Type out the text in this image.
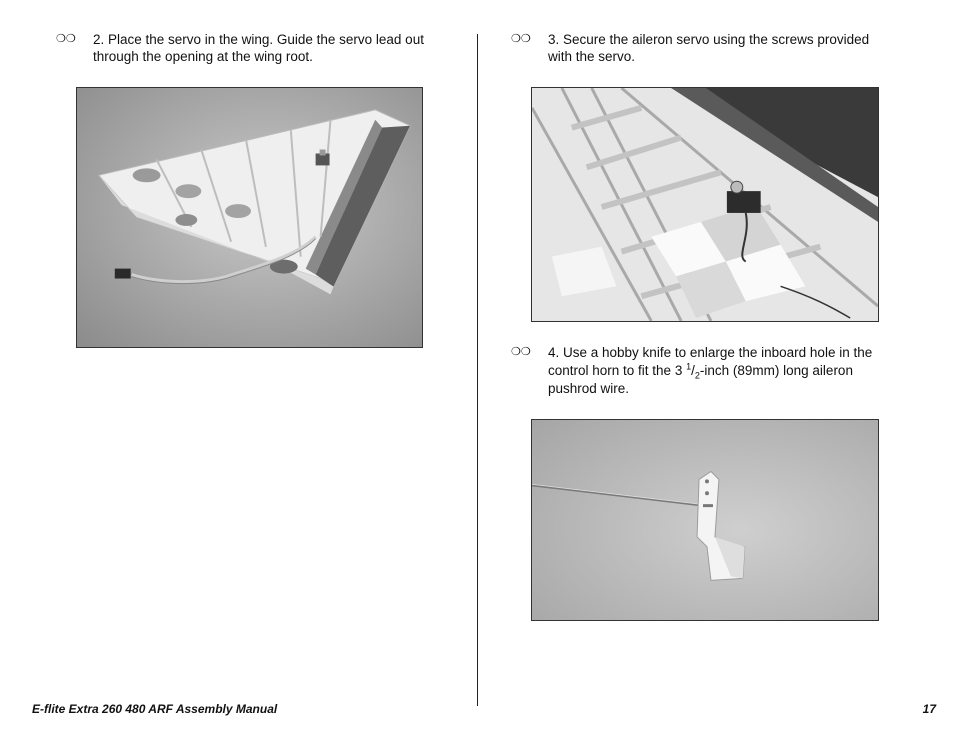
❍❍ 2. Place the servo in the wing. Guide the servo lead out
through the opening at the wing root.
❍❍ 3. Secure the aileron servo using the screws provided
with the servo.
❍❍ 4. Use a hobby knife to enlarge the inboard hole in the
control horn to fit the 3 $^1/_2$-inch (89mm) long aileron
pushrod wire.
E-flite Extra 260 480 ARF Assembly Manual	17
